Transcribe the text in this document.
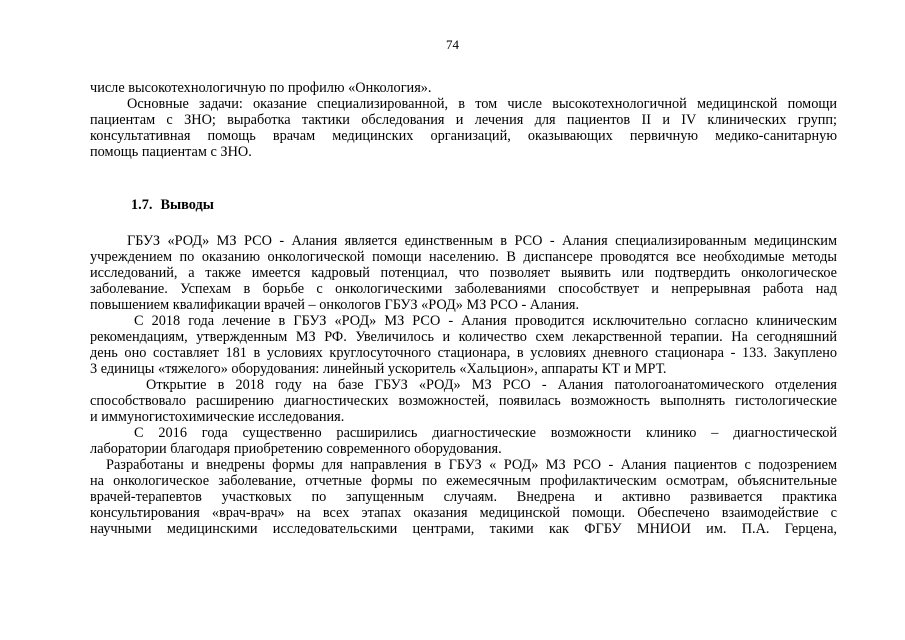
74
числе высокотехнологичную по профилю «Онкология».
Основные задачи: оказание специализированной, в том числе высокотехнологичной медицинской помощи
пациентам с ЗНО; выработка тактики обследования и лечения для пациентов II и IV клинических групп;
консультативная помощь врачам медицинских организаций, оказывающих первичную медико-санитарную
помощь пациентам с ЗНО.
1.7. Выводы
ГБУЗ «РОД» МЗ РСО - Алания является единственным в РСО - Алания специализированным медицинским
учреждением по оказанию онкологической помощи населению. В диспансере проводятся все необходимые методы
исследований, а также имеется кадровый потенциал, что позволяет выявить или подтвердить онкологическое
заболевание. Успехам в борьбе с онкологическими заболеваниями способствует и непрерывная работа над
повышением квалификации врачей – онкологов ГБУЗ «РОД» МЗ РСО - Алания.
С 2018 года лечение в ГБУЗ «РОД» МЗ РСО - Алания проводится исключительно согласно клиническим
рекомендациям, утвержденным МЗ РФ. Увеличилось и количество схем лекарственной терапии. На сегодняшний
день оно составляет 181 в условиях круглосуточного стационара, в условиях дневного стационара - 133. Закуплено
3 единицы «тяжелого» оборудования: линейный ускоритель «Хальцион», аппараты КТ и МРТ.
Открытие в 2018 году на базе ГБУЗ «РОД» МЗ РСО - Алания патологоанатомического отделения
способствовало расширению диагностических возможностей, появилась возможность выполнять гистологические
и иммуногистохимические исследования.
С 2016 года существенно расширились диагностические возможности клинико – диагностической
лаборатории благодаря приобретению современного оборудования.
Разработаны и внедрены формы для направления в ГБУЗ « РОД» МЗ РСО - Алания пациентов с подозрением
на онкологическое заболевание, отчетные формы по ежемесячным профилактическим осмотрам, объяснительные
врачей-терапевтов участковых по запущенным случаям. Внедрена и активно развивается практика
консультирования «врач-врач» на всех этапах оказания медицинской помощи. Обеспечено взаимодействие с
научными медицинскими исследовательскими центрами, такими как ФГБУ МНИОИ им. П.А. Герцена,
